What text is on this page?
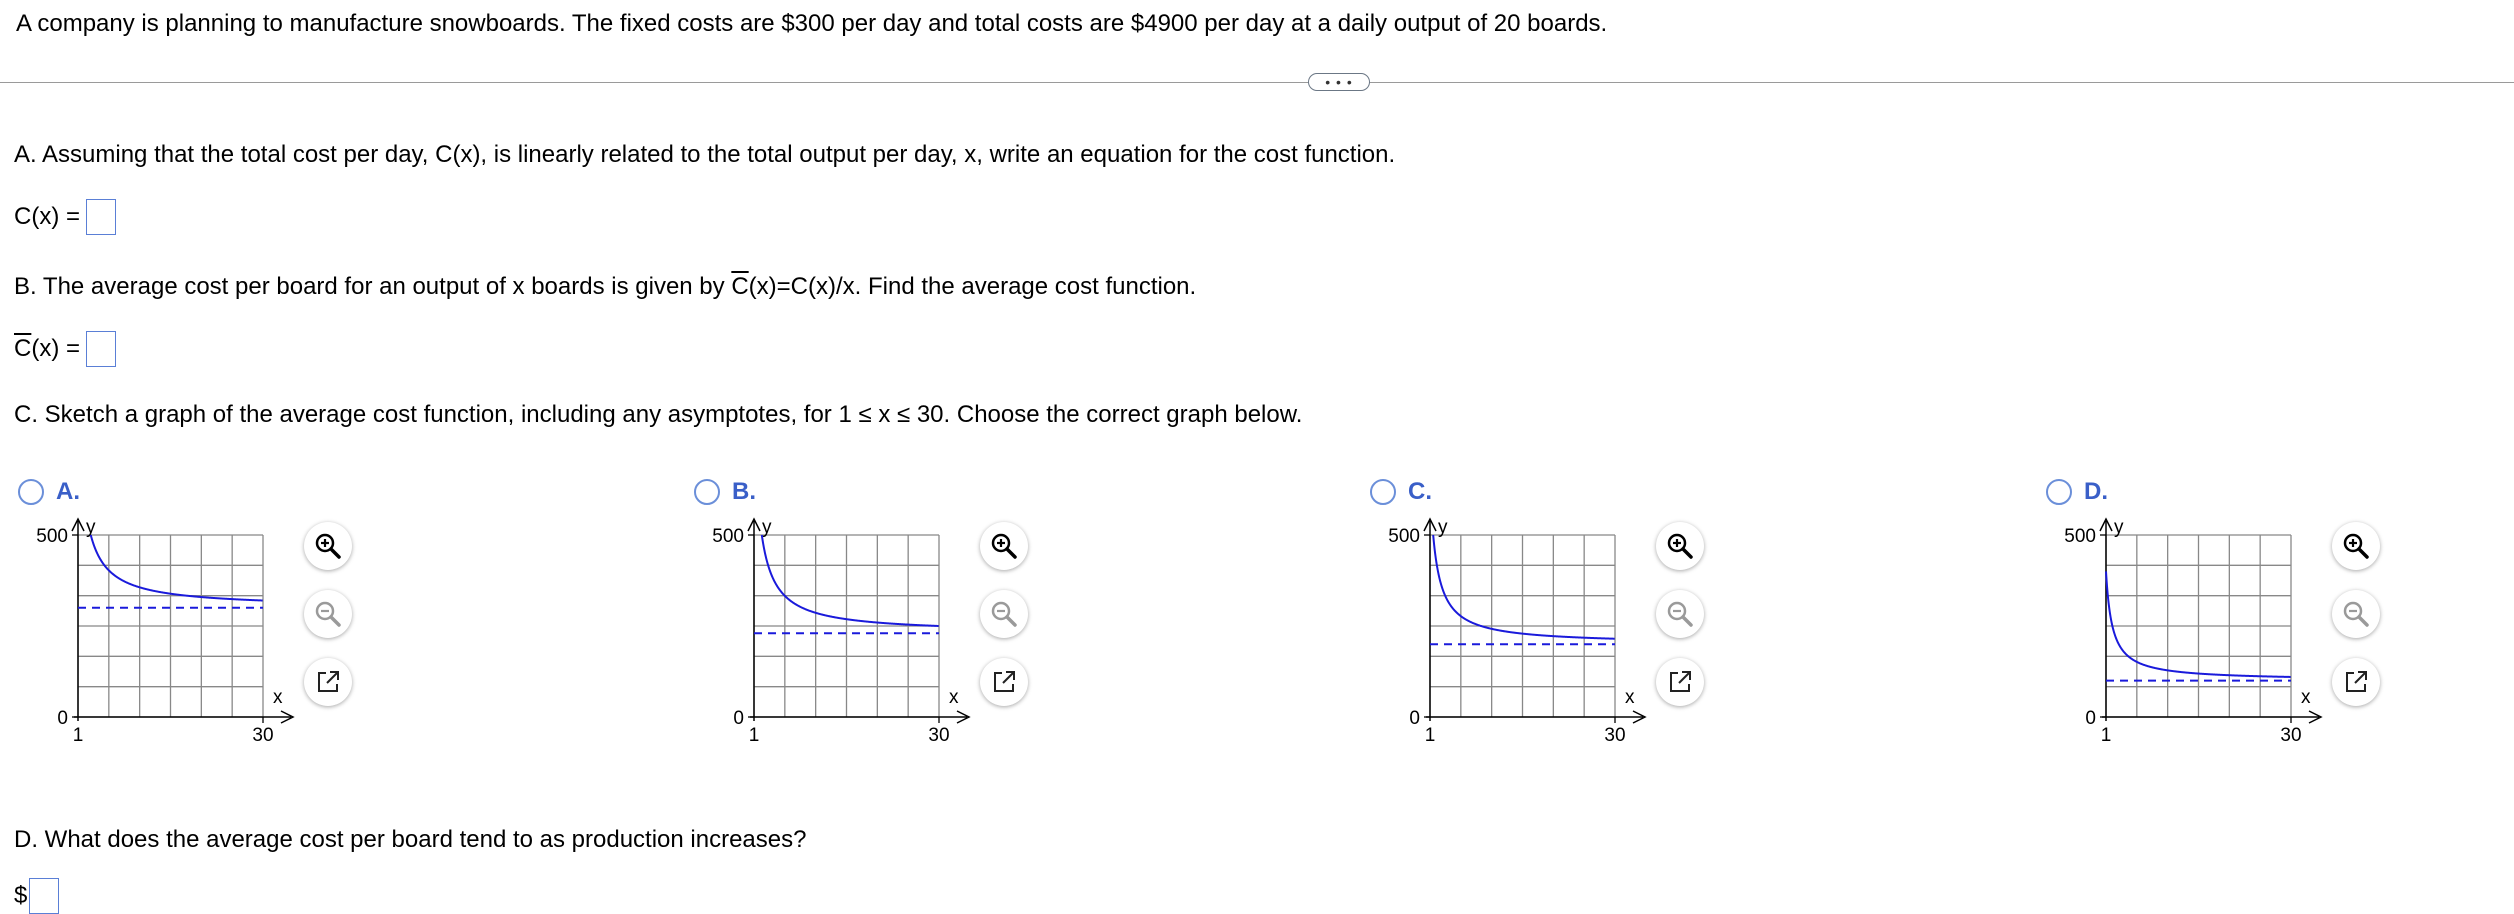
A company is planning to manufacture snowboards. The fixed costs are $300 per day and total costs are $4900 per day at a daily output of 20 boards.
• • •
A. Assuming that the total cost per day, C(x), is linearly related to the total output per day, x, write an equation for the cost function.
C(x) =
B. The average cost per board for an output of x boards is given by $\overline{C}(x)=C(x)/x$. Find the average cost function.
$\overline{C}$ (x) =
C. Sketch a graph of the average cost function, including any asymptotes, for 1 ≤ x ≤ 30. Choose the correct graph below.
A.
500
0
1	30
y
x
B.
500
0
1	30
y
x
C.
500
0
1	30
y
x
D.
500
0
1	30
y
x
D. What does the average cost per board tend to as production increases?
$
